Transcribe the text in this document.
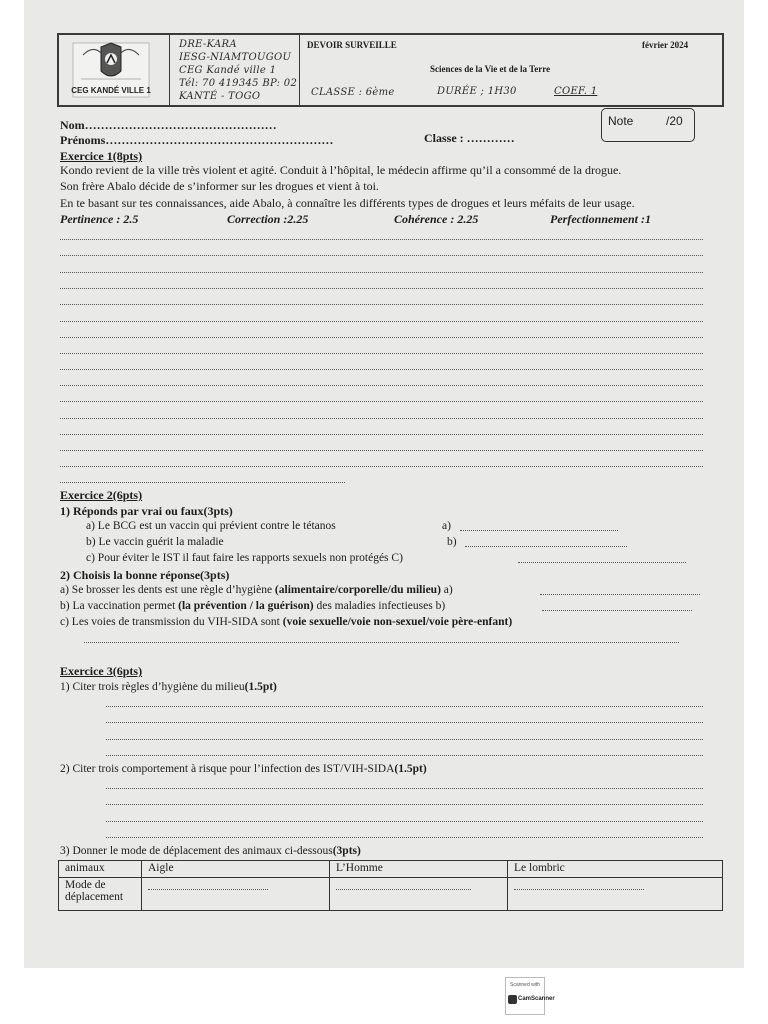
CEG KANDÉ VILLE 1
DRE-KARA
IESG-NIAMTOUGOU
CEG Kandé ville 1
Tél: 70 419345 BP: 02
KANTÉ - TOGO
DEVOIR SURVEILLE	février 2024
Sciences de la Vie et de la Terre
CLASSE : 6ème	DURÉE ; 1H30	COEF. 1
Note	/20
Nom…………………………………………
Prénoms…………………………………………………	Classe : …………
Exercice 1(8pts)
Kondo revient de la ville très violent et agité. Conduit à l’hôpital, le médecin affirme qu’il a consommé de la drogue.
Son frère Abalo décide de s’informer sur les drogues et vient à toi.
En te basant sur tes connaissances, aide Abalo, à connaître les différents types de drogues et leurs méfaits de leur usage.
Pertinence : 2.5	Correction :2.25	Cohérence : 2.25	Perfectionnement :1
Exercice 2(6pts)
1) Réponds par vrai ou faux(3pts)
a) Le BCG est un vaccin qui prévient contre le tétanos	a)
b) Le vaccin guérit la maladie	b)
c) Pour éviter le IST il faut faire les rapports sexuels non protégés C)
2) Choisis la bonne réponse(3pts)
a) Se brosser les dents est une règle d’hygiène (alimentaire/corporelle/du milieu) a)
b) La vaccination permet (la prévention / la guérison) des maladies infectieuses b)
c) Les voies de transmission du VIH-SIDA sont (voie sexuelle/voie non-sexuel/voie père-enfant)
Exercice 3(6pts)
1) Citer trois règles d’hygiène du milieu(1.5pt)
2) Citer trois comportement à risque pour l’infection des IST/VIH-SIDA(1.5pt)
3) Donner le mode de déplacement des animaux ci-dessous(3pts)
animaux	Aigle	L’Homme	Le lombric
Mode de déplacement			
Scanned with
CamScanner
